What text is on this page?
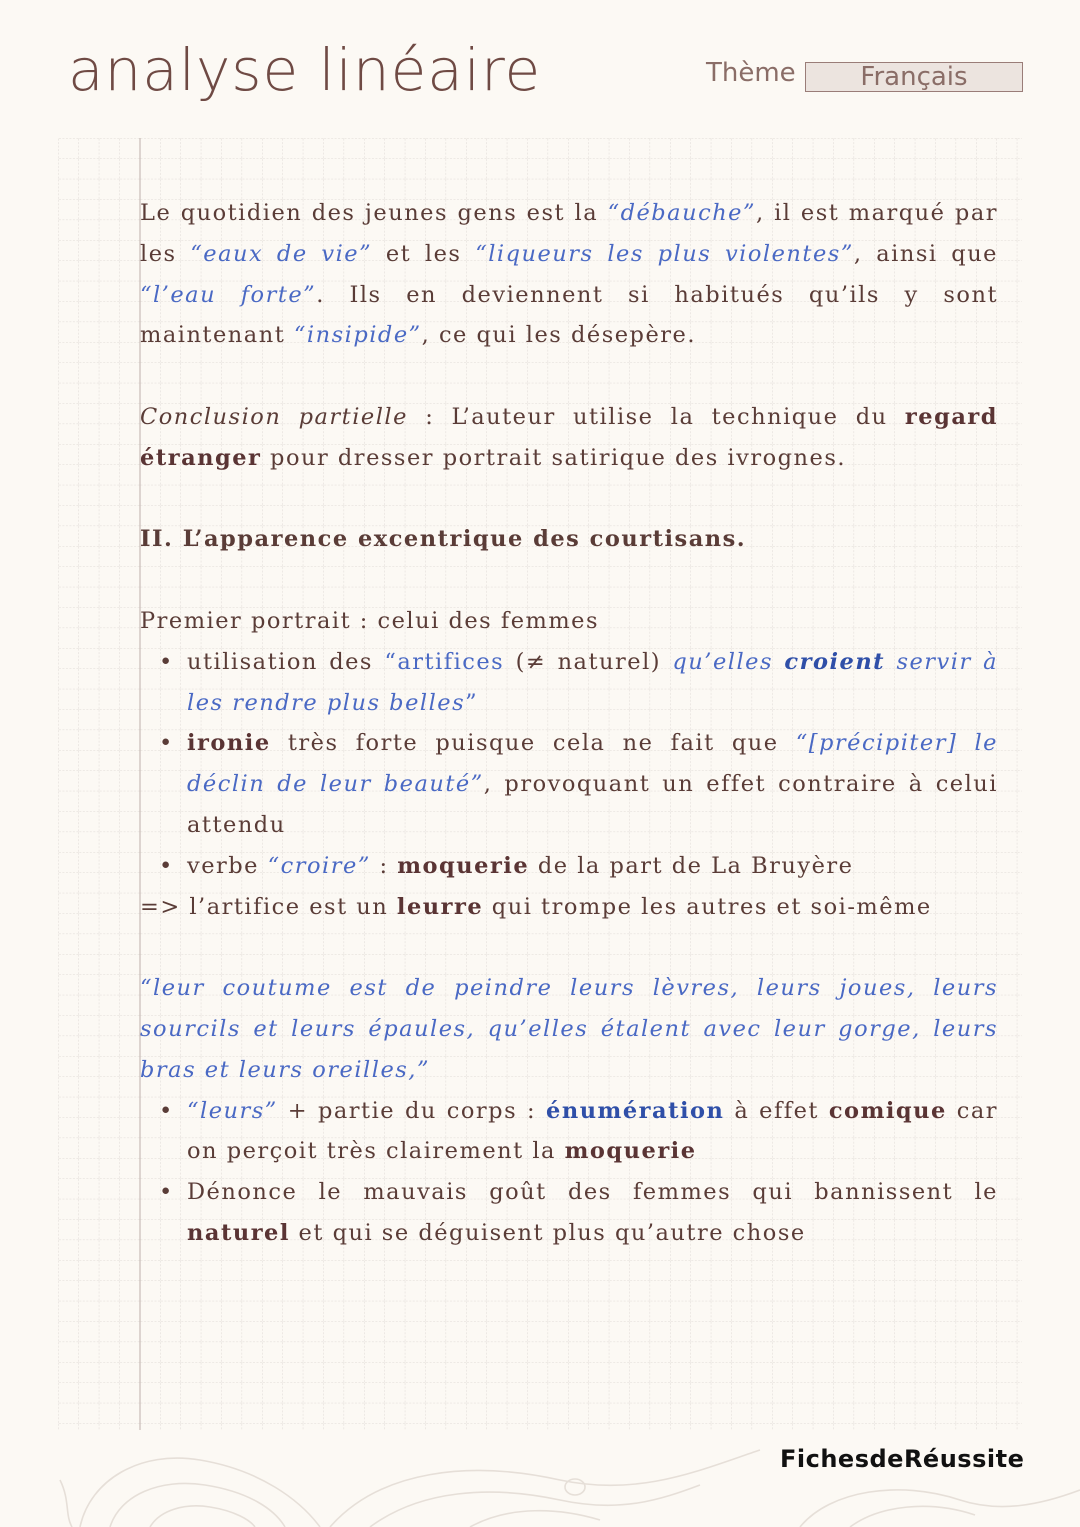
analyse linéaire	Thème	Français

Le quotidien des jeunes gens est la “débauche”, il est marqué par les “eaux de vie” et les “liqueurs les plus violentes”, ainsi que “l’eau forte”. Ils en deviennent si habitués qu’ils y sont maintenant “insipide”, ce qui les désepère.

Conclusion partielle : L’auteur utilise la technique du regard étranger pour dresser portrait satirique des ivrognes.

II. L’apparence excentrique des courtisans.

Premier portrait : celui des femmes

• utilisation des “artifices (≠ naturel) qu’elles croient servir à les rendre plus belles”
• ironie très forte puisque cela ne fait que “[précipiter] le déclin de leur beauté”, provoquant un effet contraire à celui attendu
• verbe “croire” : moquerie de la part de La Bruyère

=> l’artifice est un leurre qui trompe les autres et soi-même

“leur coutume est de peindre leurs lèvres, leurs joues, leurs sourcils et leurs épaules, qu’elles étalent avec leur gorge, leurs bras et leurs oreilles,”

• “leurs” + partie du corps : énumération à effet comique car on perçoit très clairement la moquerie
• Dénonce le mauvais goût des femmes qui bannissent le naturel et qui se déguisent plus qu’autre chose
FichesdeRéussite
